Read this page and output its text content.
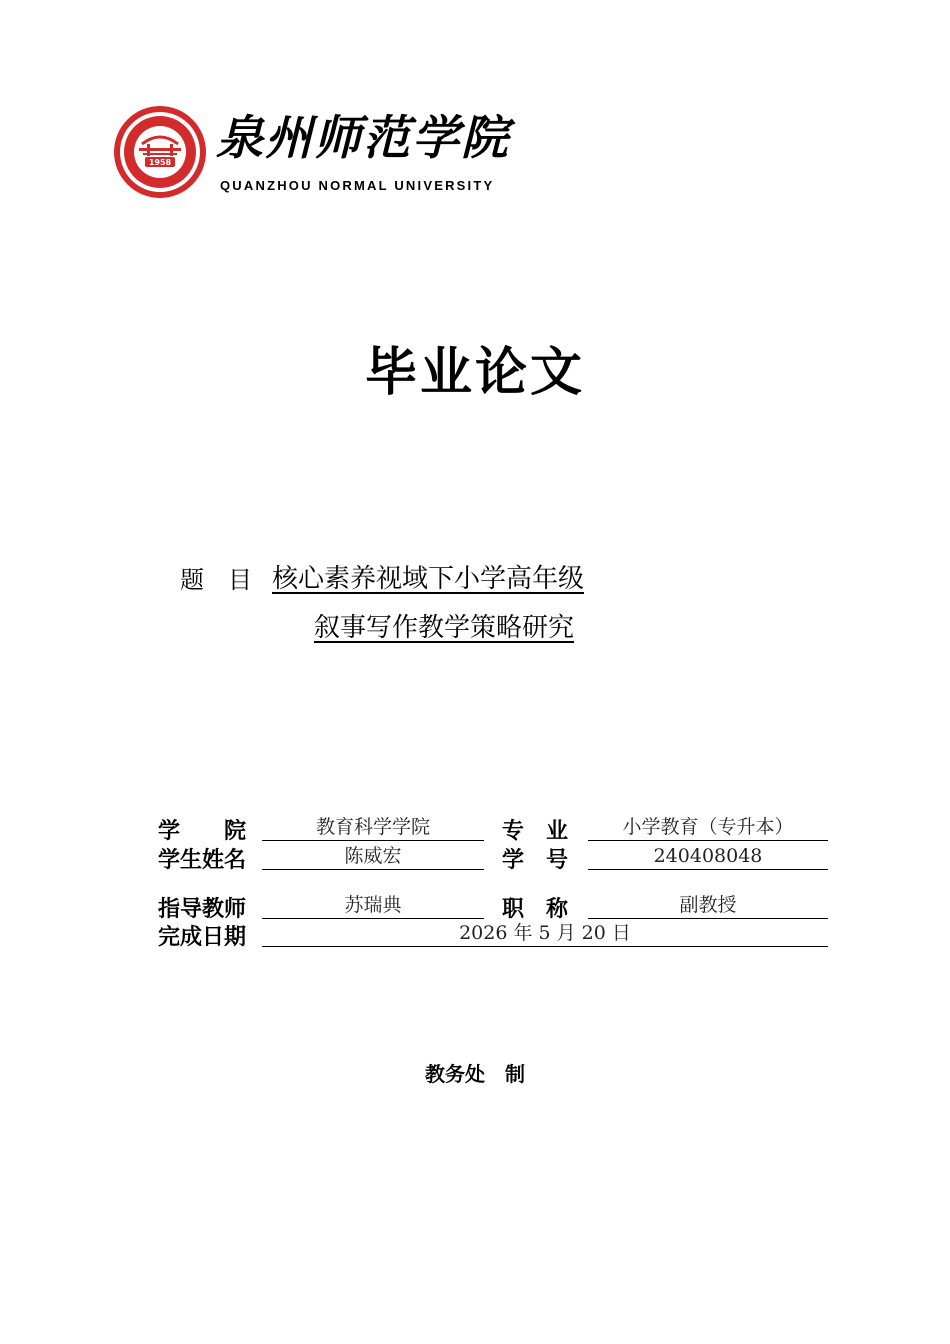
1958 泉州师范学院
QUANZHOU NORMAL UNIVERSITY
毕业论文
题　目 核心素养视域下小学高年级
叙事写作教学策略研究
学　　院	教育科学学院	专　业	小学教育（专升本）
学生姓名	陈威宏	学　号	240408048
指导教师	苏瑞典	职　称	副教授
完成日期	2026 年 5 月 20 日
教务处　制
